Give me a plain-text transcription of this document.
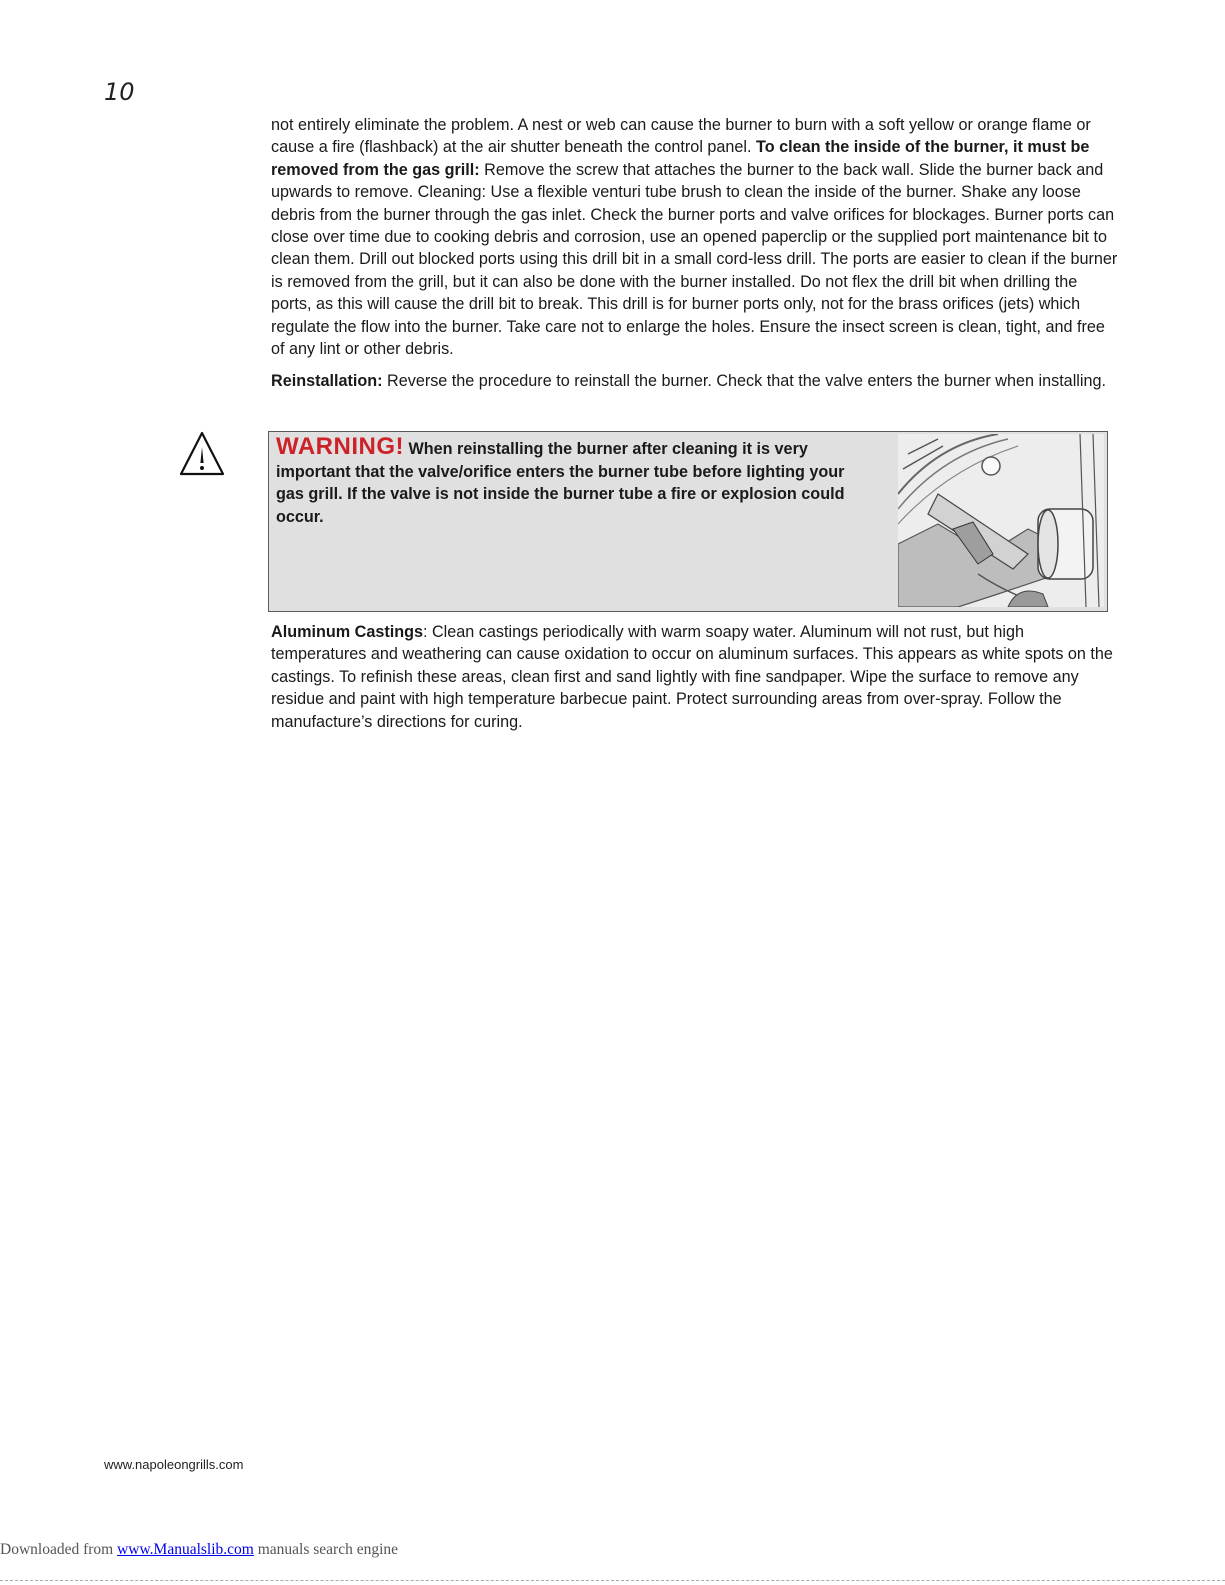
10

not entirely eliminate the problem. A nest or web can cause the burner to burn with a soft yellow or orange flame or cause a fire (flashback) at the air shutter beneath the control panel. To clean the inside of the burner, it must be removed from the gas grill: Remove the screw that attaches the burner to the back wall. Slide the burner back and upwards to remove. Cleaning: Use a flexible venturi tube brush to clean the inside of the burner. Shake any loose debris from the burner through the gas inlet. Check the burner ports and valve orifices for blockages. Burner ports can close over time due to cooking debris and corrosion, use an opened paperclip or the supplied port maintenance bit to clean them. Drill out blocked ports using this drill bit in a small cord-less drill. The ports are easier to clean if the burner is removed from the grill, but it can also be done with the burner installed. Do not flex the drill bit when drilling the ports, as this will cause the drill bit to break. This drill is for burner ports only, not for the brass orifices (jets) which regulate the flow into the burner. Take care not to enlarge the holes. Ensure the insect screen is clean, tight, and free of any lint or other debris.

Reinstallation: Reverse the procedure to reinstall the burner. Check that the valve enters the burner when installing.

WARNING! When reinstalling the burner after cleaning it is very important that the valve/orifice enters the burner tube before lighting your gas grill. If the valve is not inside the burner tube a fire or explosion could occur.
Aluminum Castings: Clean castings periodically with warm soapy water. Aluminum will not rust, but high temperatures and weathering can cause oxidation to occur on aluminum surfaces. This appears as white spots on the castings. To refinish these areas, clean first and sand lightly with fine sandpaper. Wipe the surface to remove any residue and paint with high temperature barbecue paint. Protect surrounding areas from over-spray. Follow the manufacture’s directions for curing.
www.napoleongrills.com
Downloaded from www.Manualslib.com manuals search engine
